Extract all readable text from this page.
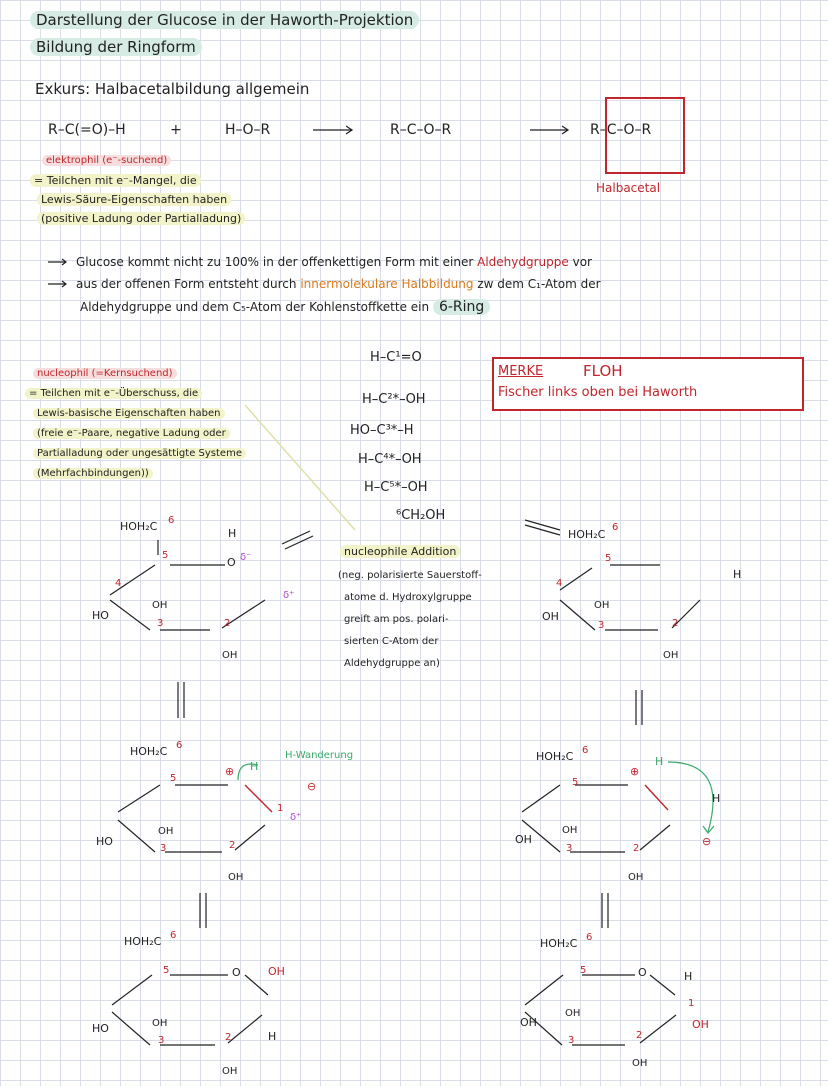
Darstellung der Glucose in der Haworth-Projektion
Bildung der Ringform
Exkurs: Halbacetalbildung allgemein
R–C(=O)–H	+	H–O–R	R–C–O–R	R–C–O–R
Halbacetal
elektrophil (e⁻-suchend)
= Teilchen mit e⁻-Mangel, die
Lewis-Säure-Eigenschaften haben
(positive Ladung oder Partialladung)
Glucose kommt nicht zu 100% in der offenkettigen Form mit einer Aldehydgruppe vor
aus der offenen Form entsteht durch innermolekulare Halbbildung zw dem C₁-Atom der
Aldehydgruppe und dem C₅-Atom der Kohlenstoffkette ein 6-Ring
nucleophil (=Kernsuchend)
= Teilchen mit e⁻-Überschuss, die
Lewis-basische Eigenschaften haben
(freie e⁻-Paare, negative Ladung oder
Partialladung oder ungesättigte Systeme
(Mehrfachbindungen))
H–C¹=O
H–C²*–OH
HO–C³*–H
H–C⁴*–OH
H–C⁵*–OH
⁶CH₂OH
MERKE	FLOH
Fischer links oben bei Haworth
nucleophile Addition
(neg. polarisierte Sauerstoff-
atome d. Hydroxylgruppe
greift am pos. polari-
sierten C-Atom der
Aldehydgruppe an)
HOH₂C 6
5
4
3	2
O δ⁻
H
δ⁺
HO
OH
OH
HOH₂C
6
5
4
3	2
OH
OH
OH
H
HOH₂C 6
5
3	2
1
⊕ H
H-Wanderung
⊖
δ⁺
HO
OH
OH
HOH₂C 6
5
3	2
⊕
H
⊖
H
OH
OH
OH
HOH₂C 6
5
3	2
O OH
HO	OH
OH
H
HOH₂C 6
5
3	2
1
O
OH
OH
OH
OH
H
